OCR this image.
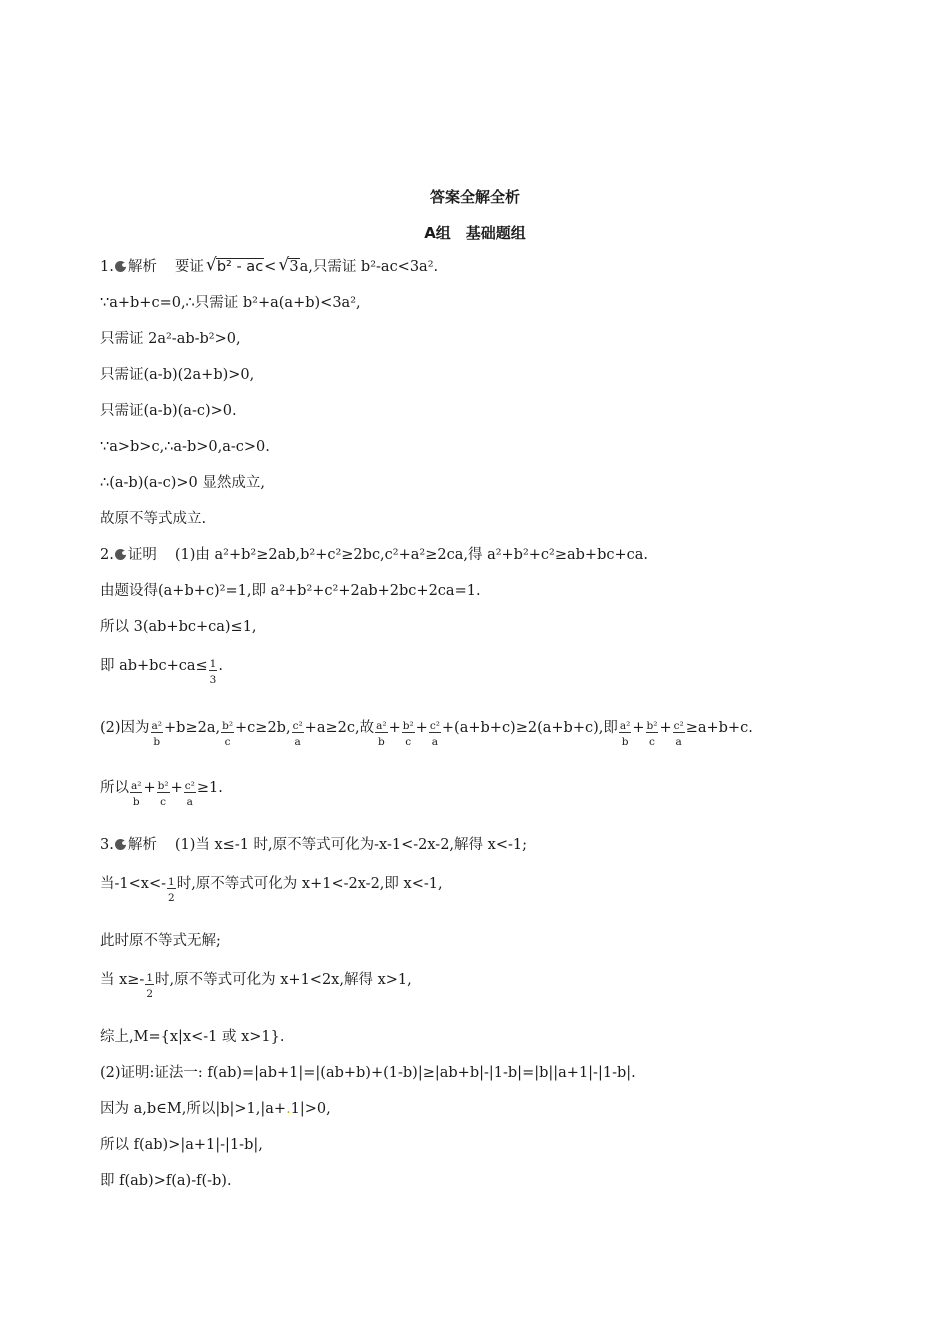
答案全解全析
A组　基础题组
1. 解析 要证 √ b² - ac< √ 3a,只需证 b²-ac<3a².
∵a+b+c=0,∴只需证 b²+a(a+b)<3a²,
只需证 2a²-ab-b²>0,
只需证(a-b)(2a+b)>0,
只需证(a-b)(a-c)>0.
∵a>b>c,∴a-b>0,a-c>0.
∴(a-b)(a-c)>0 显然成立,
故原不等式成立.
2. 证明 (1)由 a²+b²≥2ab,b²+c²≥2bc,c²+a²≥2ca,得 a²+b²+c²≥ab+bc+ca.
由题设得(a+b+c)²=1,即 a²+b²+c²+2ab+2bc+2ca=1.
所以 3(ab+bc+ca)≤1,
即 $ab+bc+ca\le \frac{1}{3}$ .
(2)因为 $\frac{\text{a²}}{b} +b\ge 2a$, $\frac{\text{b²}}{c} +c\ge 2b$, $\frac{\text{c²}}{a} +a\ge 2c$,故 $\frac{\text{a²}}{b} + \frac{\text{b²}}{c} + \frac{\text{c²}}{a} +(a+b+c)\ge 2(a+b+c)$,即 $\frac{\text{a²}}{b} + \frac{\text{b²}}{c} + \frac{\text{c²}}{a} \ge a+b+c$.
所以 $\frac{\text{a²}}{b} + \frac{\text{b²}}{c} + \frac{\text{c²}}{a} \ge 1$.
3. 解析 (1)当 x≤-1 时,原不等式可化为-x-1<-2x-2,解得 x<-1;
当$-1<x<- \frac{1}{2}$ 时,原不等式可化为 x+1<-2x-2,即 x<-1,
此时原不等式无解;
当 $x\ge- \frac{1}{2}$ 时,原不等式可化为 x+1<2x,解得 x>1,
综上,M={x|x<-1 或 x>1}.
(2)证明:证法一: f(ab)=|ab+1|=|(ab+b)+(1-b)|≥|ab+b|-|1-b|=|b||a+1|-|1-b|.
因为 a,b∈M,所以|b|>1,|a+.1|>0,
所以 f(ab)>|a+1|-|1-b|,
即 f(ab)>f(a)-f(-b).
